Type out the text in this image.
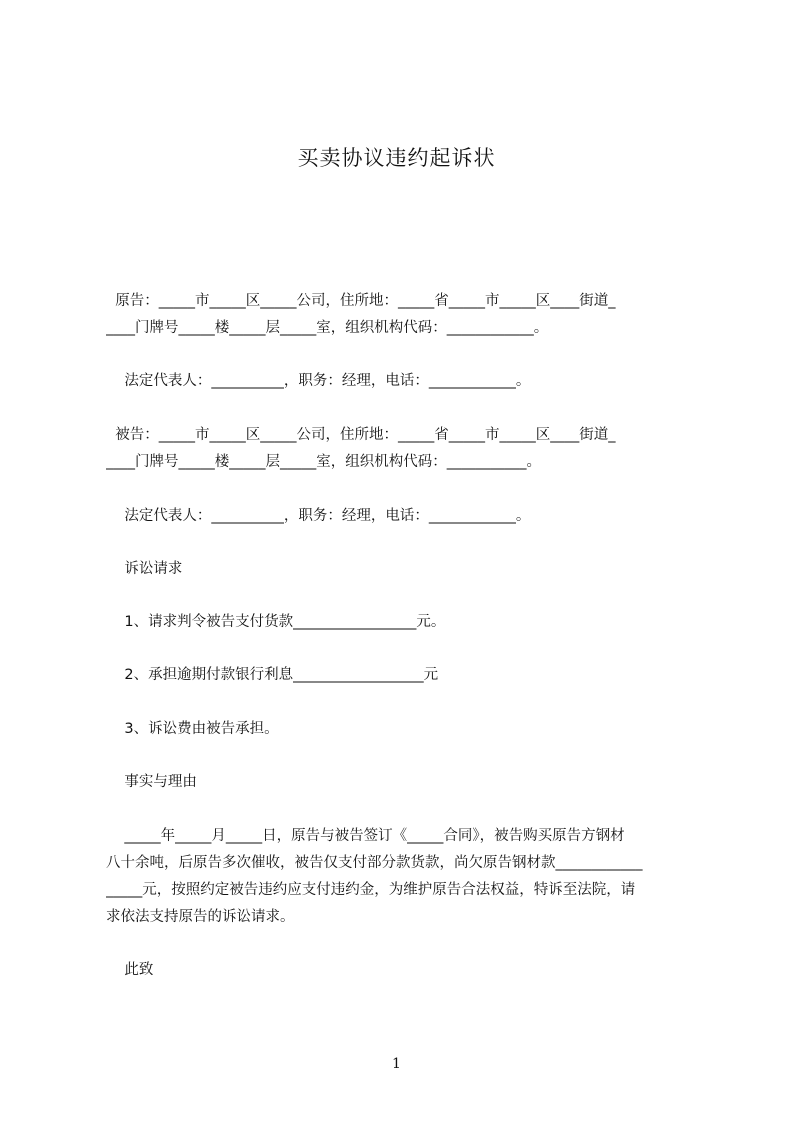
买卖协议违约起诉状
原告：_____市_____区_____公司，住所地：_____省_____市_____区____街道_
____门牌号_____楼_____层_____室，组织机构代码：____________。
法定代表人：__________，职务：经理，电话：____________。
被告：_____市_____区_____公司，住所地：_____省_____市_____区____街道_
____门牌号_____楼_____层_____室，组织机构代码：___________。
法定代表人：__________，职务：经理，电话：____________。
诉讼请求
1、请求判令被告支付货款_________________元。
2、承担逾期付款银行利息__________________元
3、诉讼费由被告承担。
事实与理由
_____年_____月_____日，原告与被告签订《_____合同》，被告购买原告方钢材
八十余吨，后原告多次催收，被告仅支付部分款货款，尚欠原告钢材款____________
_____元，按照约定被告违约应支付违约金，为维护原告合法权益，特诉至法院，请
求依法支持原告的诉讼请求。
此致
1
